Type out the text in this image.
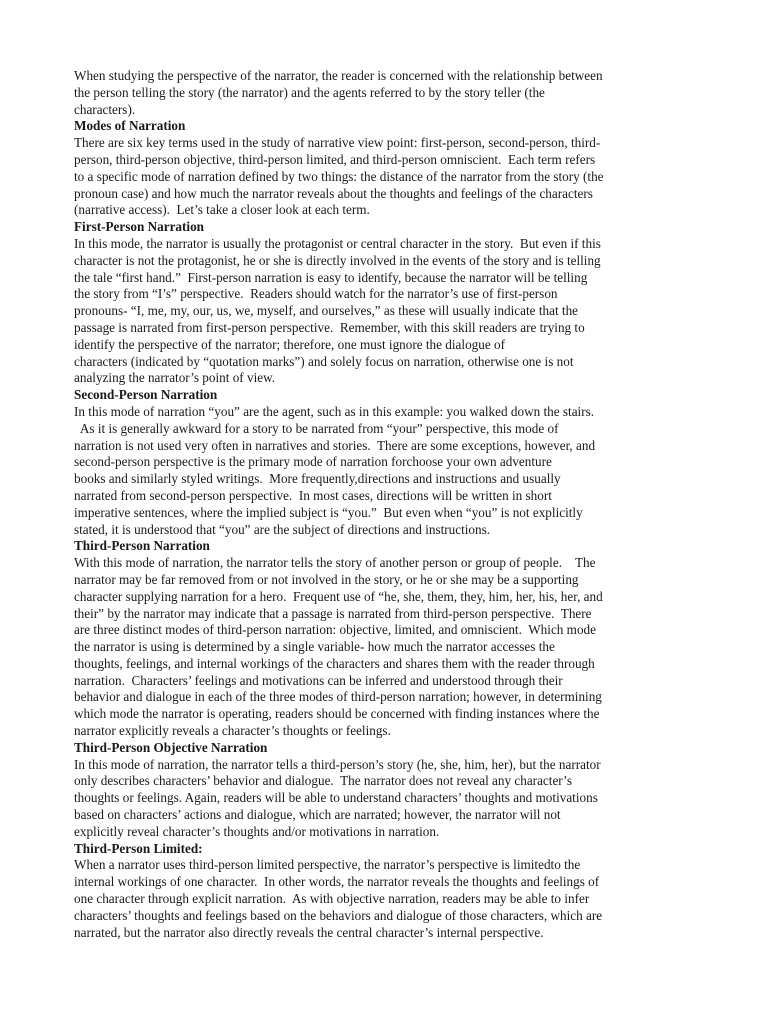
When studying the perspective of the narrator, the reader is concerned with the relationship between
the person telling the story (the narrator) and the agents referred to by the story teller (the
characters).
Modes of Narration
There are six key terms used in the study of narrative view point: first-person, second-person, third-
person, third-person objective, third-person limited, and third-person omniscient.  Each term refers
to a specific mode of narration defined by two things: the distance of the narrator from the story (the
pronoun case) and how much the narrator reveals about the thoughts and feelings of the characters
(narrative access).  Let’s take a closer look at each term.
First-Person Narration
In this mode, the narrator is usually the protagonist or central character in the story.  But even if this
character is not the protagonist, he or she is directly involved in the events of the story and is telling
the tale “first hand.”  First-person narration is easy to identify, because the narrator will be telling
the story from “I’s” perspective.  Readers should watch for the narrator’s use of first-person
pronouns- “I, me, my, our, us, we, myself, and ourselves,” as these will usually indicate that the
passage is narrated from first-person perspective.  Remember, with this skill readers are trying to
identify the perspective of the narrator; therefore, one must ignore the dialogue of
characters (indicated by “quotation marks”) and solely focus on narration, otherwise one is not
analyzing the narrator’s point of view.
Second-Person Narration
In this mode of narration “you” are the agent, such as in this example: you walked down the stairs.
As it is generally awkward for a story to be narrated from “your” perspective, this mode of
narration is not used very often in narratives and stories.  There are some exceptions, however, and
second-person perspective is the primary mode of narration forchoose your own adventure
books and similarly styled writings.  More frequently,directions and instructions and usually
narrated from second-person perspective.  In most cases, directions will be written in short
imperative sentences, where the implied subject is “you.”  But even when “you” is not explicitly
stated, it is understood that “you” are the subject of directions and instructions.
Third-Person Narration
With this mode of narration, the narrator tells the story of another person or group of people.    The
narrator may be far removed from or not involved in the story, or he or she may be a supporting
character supplying narration for a hero.  Frequent use of “he, she, them, they, him, her, his, her, and
their” by the narrator may indicate that a passage is narrated from third-person perspective.  There
are three distinct modes of third-person narration: objective, limited, and omniscient.  Which mode
the narrator is using is determined by a single variable- how much the narrator accesses the
thoughts, feelings, and internal workings of the characters and shares them with the reader through
narration.  Characters’ feelings and motivations can be inferred and understood through their
behavior and dialogue in each of the three modes of third-person narration; however, in determining
which mode the narrator is operating, readers should be concerned with finding instances where the
narrator explicitly reveals a character’s thoughts or feelings.
Third-Person Objective Narration
In this mode of narration, the narrator tells a third-person’s story (he, she, him, her), but the narrator
only describes characters’ behavior and dialogue.  The narrator does not reveal any character’s
thoughts or feelings. Again, readers will be able to understand characters’ thoughts and motivations
based on characters’ actions and dialogue, which are narrated; however, the narrator will not
explicitly reveal character’s thoughts and/or motivations in narration.
Third-Person Limited:
When a narrator uses third-person limited perspective, the narrator’s perspective is limitedto the
internal workings of one character.  In other words, the narrator reveals the thoughts and feelings of
one character through explicit narration.  As with objective narration, readers may be able to infer
characters’ thoughts and feelings based on the behaviors and dialogue of those characters, which are
narrated, but the narrator also directly reveals the central character’s internal perspective.
